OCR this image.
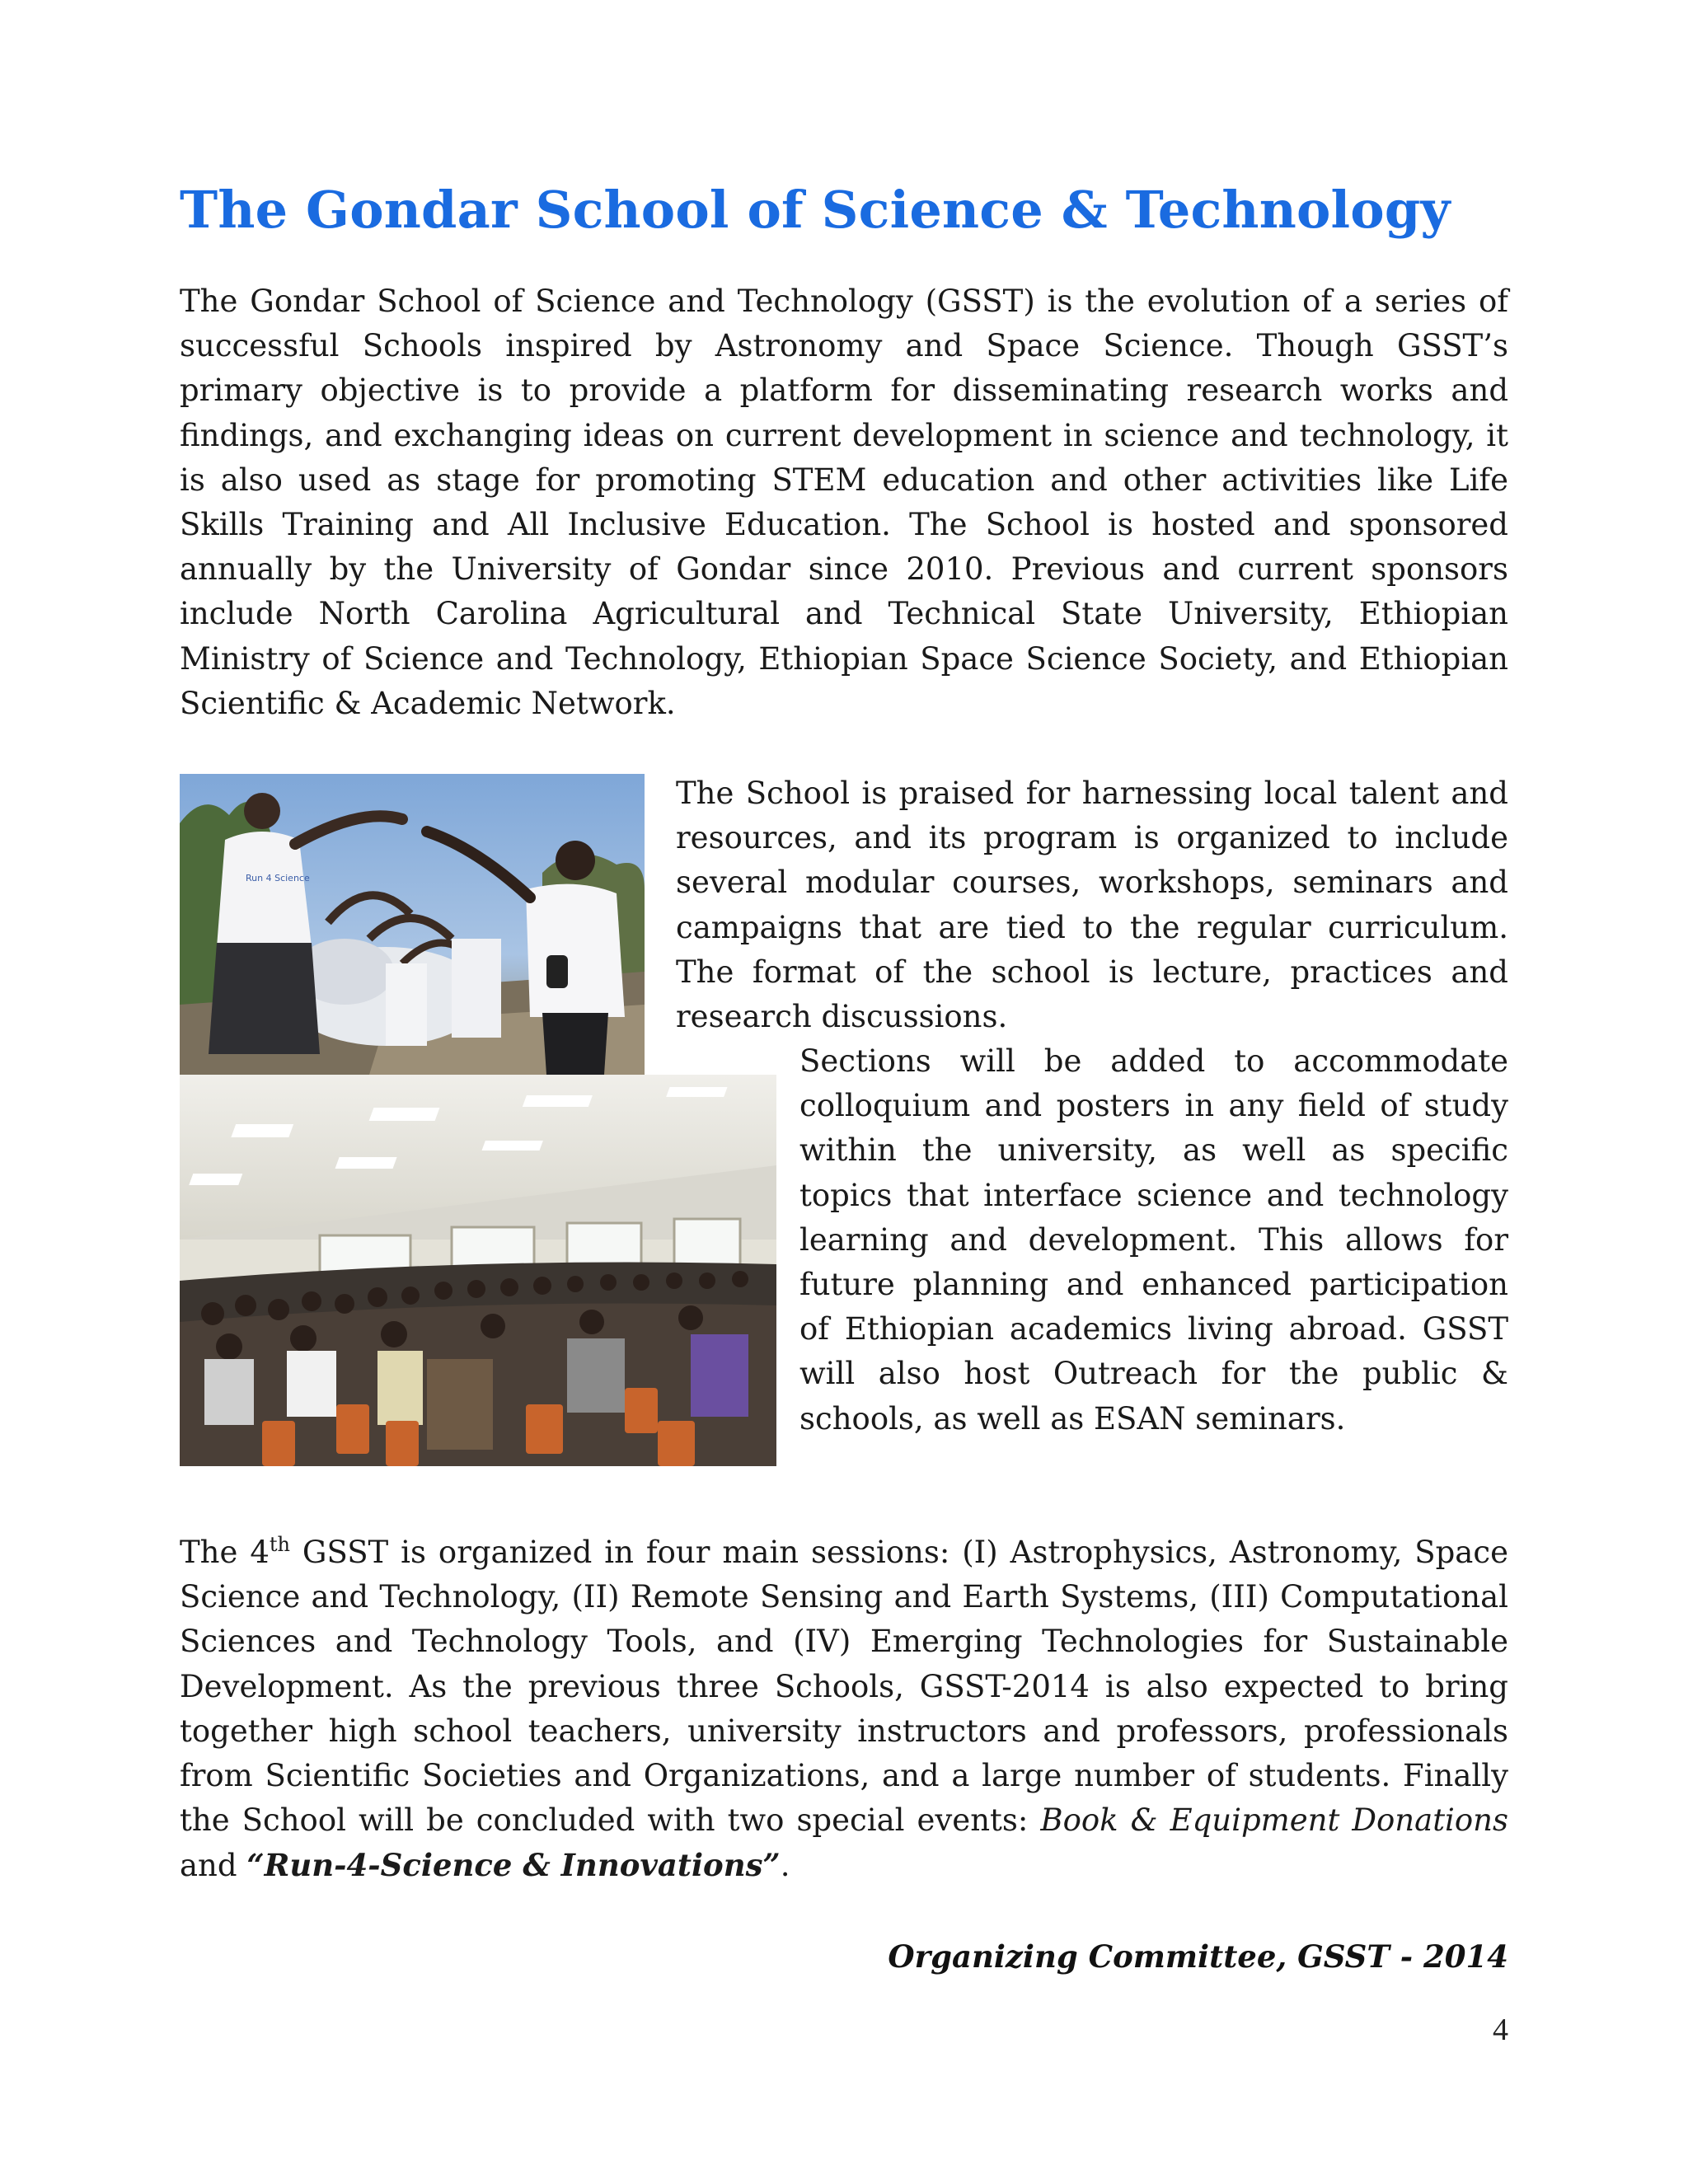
The Gondar School of Science & Technology

The Gondar School of Science and Technology (GSST) is the evolution of a series of successful Schools inspired by Astronomy and Space Science. Though GSST’s primary objective is to provide a platform for disseminating research works and findings, and exchanging ideas on current development in science and technology, it is also used as stage for promoting STEM education and other activities like Life Skills Training and All Inclusive Education. The School is hosted and sponsored annually by the University of Gondar since 2010. Previous and current sponsors include North Carolina Agricultural and Technical State University, Ethiopian Ministry of Science and Technology, Ethiopian Space Science Society, and Ethiopian Scientific & Academic Network.

Run 4 Science

The School is praised for harnessing local talent and resources, and its program is organized to include several modular courses, workshops, seminars and campaigns that are tied to the regular curriculum. The format of the school is lecture, practices and research discussions.

Sections will be added to accommodate colloquium and posters in any field of study within the university, as well as specific topics that interface science and technology learning and development. This allows for future planning and enhanced participation of Ethiopian academics living abroad. GSST will also host Outreach for the public & schools, as well as ESAN seminars.

The 4th GSST is organized in four main sessions: (I) Astrophysics, Astronomy, Space Science and Technology, (II) Remote Sensing and Earth Systems, (III) Computational Sciences and Technology Tools, and (IV) Emerging Technologies for Sustainable Development. As the previous three Schools, GSST-2014 is also expected to bring together high school teachers, university instructors and professors, professionals from Scientific Societies and Organizations, and a large number of students. Finally the School will be concluded with two special events: Book & Equipment Donations and “Run-4-Science & Innovations”.

Organizing Committee, GSST - 2014

4
